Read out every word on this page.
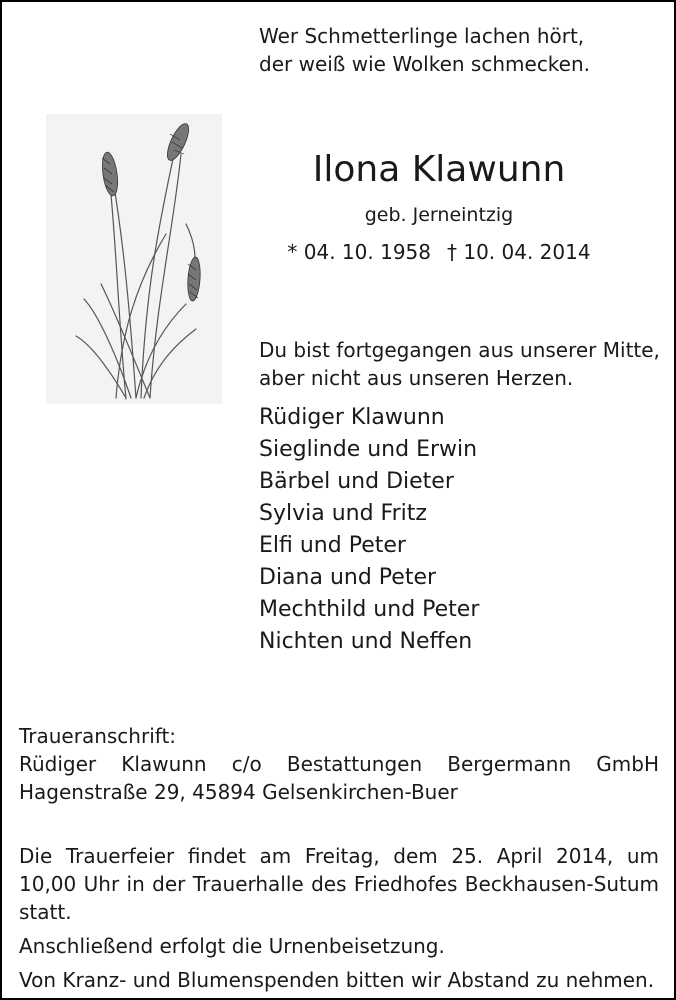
Wer Schmetterlinge lachen hört,
der weiß wie Wolken schmecken.
Ilona Klawunn
geb. Jerneintzig
* 04. 10. 1958 † 10. 04. 2014
Du bist fortgegangen aus unserer Mitte,
aber nicht aus unseren Herzen.
Rüdiger Klawunn
Sieglinde und Erwin
Bärbel und Dieter
Sylvia und Fritz
Elfi und Peter
Diana und Peter
Mechthild und Peter
Nichten und Neffen
Traueranschrift:
Rüdiger Klawunn c/o Bestattungen Bergermann GmbH
Hagenstraße 29, 45894 Gelsenkirchen-Buer
Die Trauerfeier findet am Freitag, dem 25. April 2014, um
10,00 Uhr in der Trauerhalle des Friedhofes Beckhausen-Sutum
statt.
Anschließend erfolgt die Urnenbeisetzung.
Von Kranz- und Blumenspenden bitten wir Abstand zu nehmen.
